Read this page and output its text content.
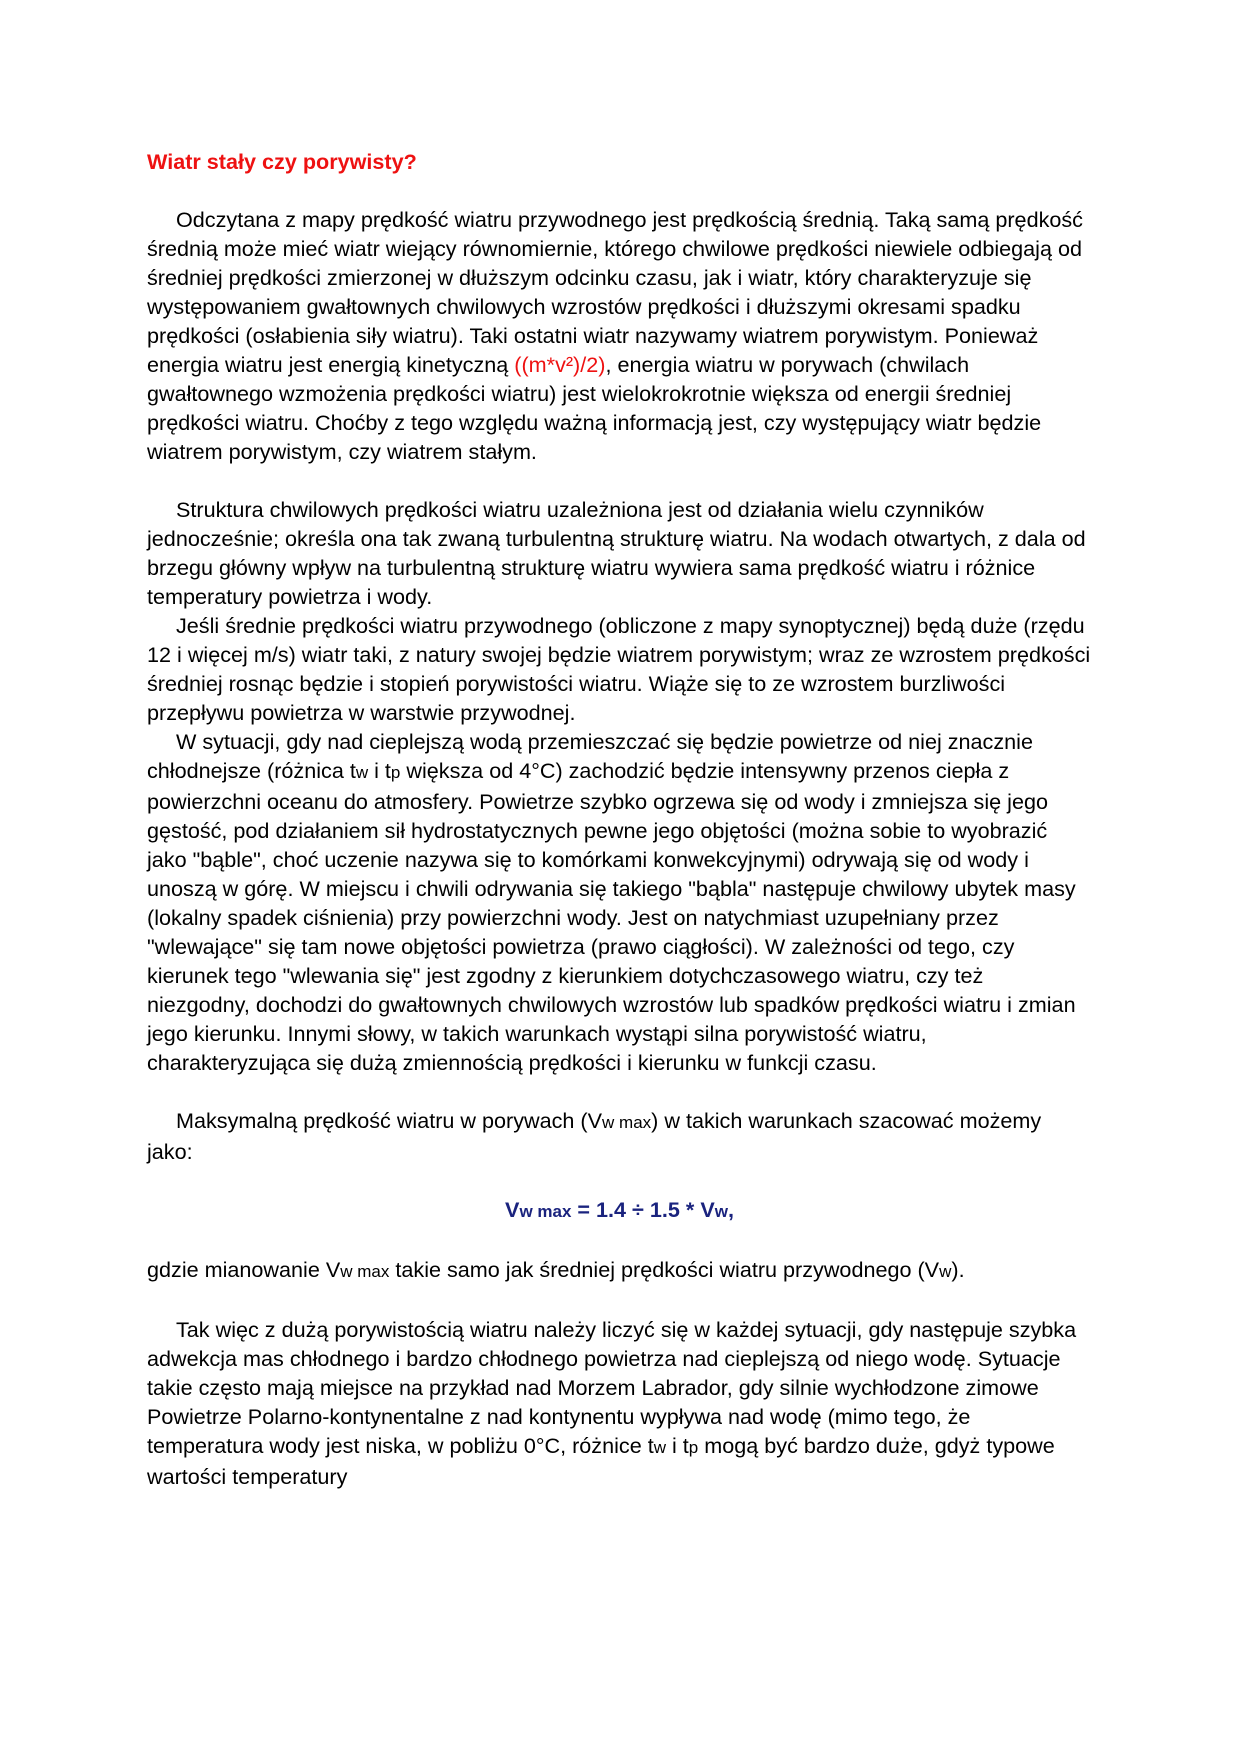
Wiatr stały czy porywisty?

Odczytana z mapy prędkość wiatru przywodnego jest prędkością średnią. Taką samą prędkość średnią może mieć wiatr wiejący równomiernie, którego chwilowe prędkości niewiele odbiegają od średniej prędkości zmierzonej w dłuższym odcinku czasu, jak i wiatr, który charakteryzuje się występowaniem gwałtownych chwilowych wzrostów prędkości i dłuższymi okresami spadku prędkości (osłabienia siły wiatru). Taki ostatni wiatr nazywamy wiatrem porywistym. Ponieważ energia wiatru jest energią kinetyczną ((m*v²)/2), energia wiatru w porywach (chwilach gwałtownego wzmożenia prędkości wiatru) jest wielokrokrotnie większa od energii średniej prędkości wiatru. Choćby z tego względu ważną informacją jest, czy występujący wiatr będzie wiatrem porywistym, czy wiatrem stałym.

Struktura chwilowych prędkości wiatru uzależniona jest od działania wielu czynników jednocześnie; określa ona tak zwaną turbulentną strukturę wiatru. Na wodach otwartych, z dala od brzegu główny wpływ na turbulentną strukturę wiatru wywiera sama prędkość wiatru i różnice temperatury powietrza i wody.

Jeśli średnie prędkości wiatru przywodnego (obliczone z mapy synoptycznej) będą duże (rzędu 12 i więcej m/s) wiatr taki, z natury swojej będzie wiatrem porywistym; wraz ze wzrostem prędkości średniej rosnąc będzie i stopień porywistości wiatru. Wiąże się to ze wzrostem burzliwości przepływu powietrza w warstwie przywodnej.

W sytuacji, gdy nad cieplejszą wodą przemieszczać się będzie powietrze od niej znacznie chłodnejsze (różnica tw i tp większa od 4°C) zachodzić będzie intensywny przenos ciepła z powierzchni oceanu do atmosfery. Powietrze szybko ogrzewa się od wody i zmniejsza się jego gęstość, pod działaniem sił hydrostatycznych pewne jego objętości (można sobie to wyobrazić jako "bąble", choć uczenie nazywa się to komórkami konwekcyjnymi) odrywają się od wody i unoszą w górę. W miejscu i chwili odrywania się takiego "bąbla" następuje chwilowy ubytek masy (lokalny spadek ciśnienia) przy powierzchni wody. Jest on natychmiast uzupełniany przez "wlewające" się tam nowe objętości powietrza (prawo ciągłości). W zależności od tego, czy kierunek tego "wlewania się" jest zgodny z kierunkiem dotychczasowego wiatru, czy też niezgodny, dochodzi do gwałtownych chwilowych wzrostów lub spadków prędkości wiatru i zmian jego kierunku. Innymi słowy, w takich warunkach wystąpi silna porywistość wiatru, charakteryzująca się dużą zmiennością prędkości i kierunku w funkcji czasu.

Maksymalną prędkość wiatru w porywach (Vw max) w takich warunkach szacować możemy jako:

Vw max = 1.4 ÷ 1.5 * Vw,

gdzie mianowanie Vw max takie samo jak średniej prędkości wiatru przywodnego (Vw).

Tak więc z dużą porywistością wiatru należy liczyć się w każdej sytuacji, gdy następuje szybka adwekcja mas chłodnego i bardzo chłodnego powietrza nad cieplejszą od niego wodę. Sytuacje takie często mają miejsce na przykład nad Morzem Labrador, gdy silnie wychłodzone zimowe Powietrze Polarno-kontynentalne z nad kontynentu wypływa nad wodę (mimo tego, że temperatura wody jest niska, w pobliżu 0°C, różnice tw i tp mogą być bardzo duże, gdyż typowe wartości temperatury
